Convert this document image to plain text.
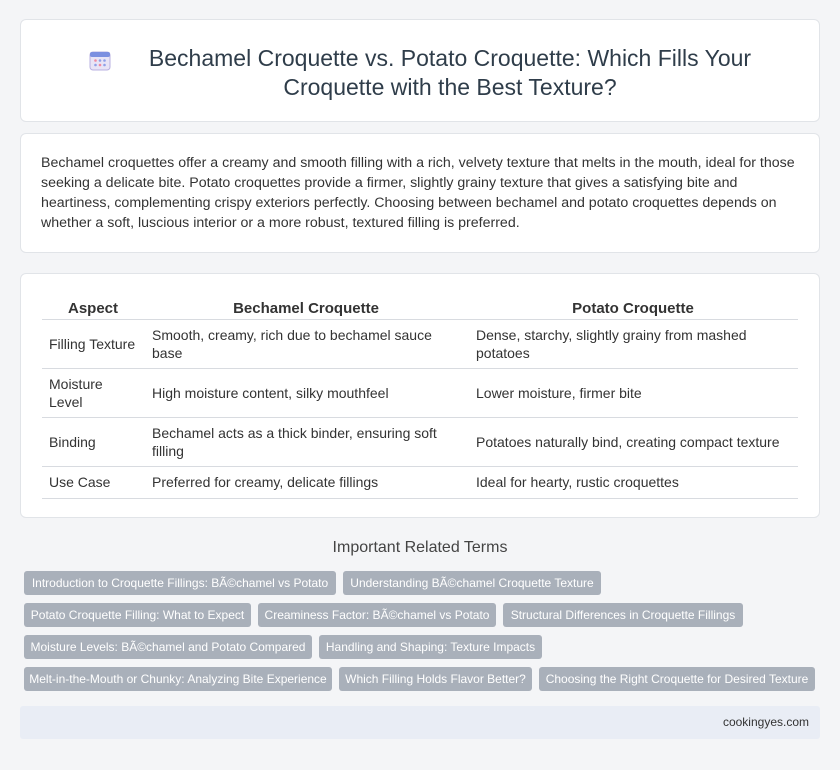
Bechamel Croquette vs. Potato Croquette: Which Fills Your Croquette with the Best Texture?

Bechamel croquettes offer a creamy and smooth filling with a rich, velvety texture that melts in the mouth, ideal for those seeking a delicate bite. Potato croquettes provide a firmer, slightly grainy texture that gives a satisfying bite and heartiness, complementing crispy exteriors perfectly. Choosing between bechamel and potato croquettes depends on whether a soft, luscious interior or a more robust, textured filling is preferred.

Aspect	Bechamel Croquette	Potato Croquette
Filling Texture	Smooth, creamy, rich due to bechamel sauce base	Dense, starchy, slightly grainy from mashed potatoes
Moisture Level	High moisture content, silky mouthfeel	Lower moisture, firmer bite
Binding	Bechamel acts as a thick binder, ensuring soft filling	Potatoes naturally bind, creating compact texture
Use Case	Preferred for creamy, delicate fillings	Ideal for hearty, rustic croquettes
Important Related Terms
Introduction to Croquette Fillings: BÃ©chamel vs Potato	Understanding BÃ©chamel Croquette Texture
Potato Croquette Filling: What to Expect	Creaminess Factor: BÃ©chamel vs Potato	Structural Differences in Croquette Fillings
Moisture Levels: BÃ©chamel and Potato Compared	Handling and Shaping: Texture Impacts
Melt-in-the-Mouth or Chunky: Analyzing Bite Experience	Which Filling Holds Flavor Better?	Choosing the Right Croquette for Desired Texture
cookingyes.com
